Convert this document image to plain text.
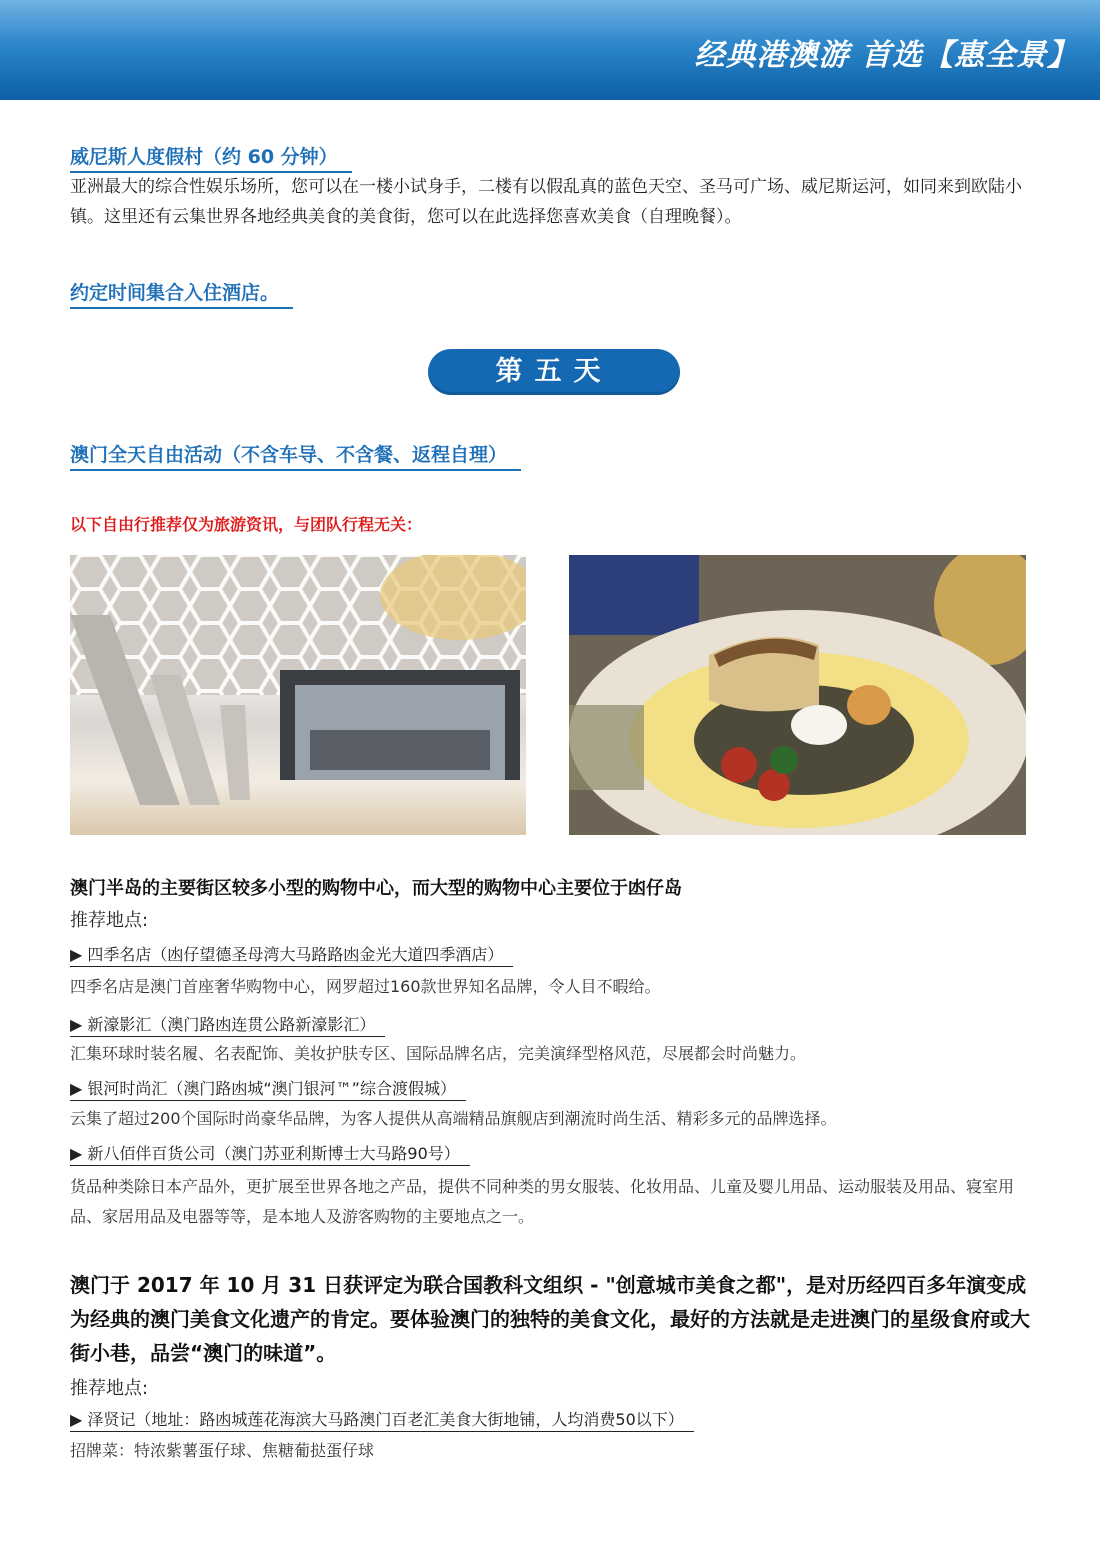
经典港澳游 首选【惠全景】
威尼斯人度假村（约 60 分钟）
亚洲最大的综合性娱乐场所，您可以在一楼小试身手，二楼有以假乱真的蓝色天空、圣马可广场、威尼斯运河，如同来到欧陆小镇。这里还有云集世界各地经典美食的美食街，您可以在此选择您喜欢美食（自理晚餐）。
约定时间集合入住酒店。
第五天
澳门全天自由活动（不含车导、不含餐、返程自理）
以下自由行推荐仅为旅游资讯，与团队行程无关：
澳门半岛的主要街区较多小型的购物中心，而大型的购物中心主要位于凼仔岛
推荐地点:
▶ 四季名店（凼仔望德圣母湾大马路路凼金光大道四季酒店）
四季名店是澳门首座奢华购物中心，网罗超过160款世界知名品牌，令人目不暇给。
▶ 新濠影汇（澳门路凼连贯公路新濠影汇）
汇集环球时装名履、名表配饰、美妆护肤专区、国际品牌名店，完美演绎型格风范，尽展都会时尚魅力。
▶ 银河时尚汇（澳门路凼城“澳门银河™”综合渡假城）
云集了超过200个国际时尚豪华品牌，为客人提供从高端精品旗舰店到潮流时尚生活、精彩多元的品牌选择。
▶ 新八佰伴百货公司（澳门苏亚利斯博士大马路90号）
货品种类除日本产品外，更扩展至世界各地之产品，提供不同种类的男女服装、化妆用品、儿童及婴儿用品、运动服装及用品、寝室用品、家居用品及电器等等，是本地人及游客购物的主要地点之一。
澳门于 2017 年 10 月 31 日获评定为联合国教科文组织 - "创意城市美食之都"，是对历经四百多年演变成为经典的澳门美食文化遗产的肯定。要体验澳门的独特的美食文化，最好的方法就是走进澳门的星级食府或大街小巷，品尝“澳门的味道”。
推荐地点:
▶ 泽贤记（地址：路凼城莲花海滨大马路澳门百老汇美食大街地铺，人均消费50以下）
招牌菜：特浓紫薯蛋仔球、焦糖葡挞蛋仔球
